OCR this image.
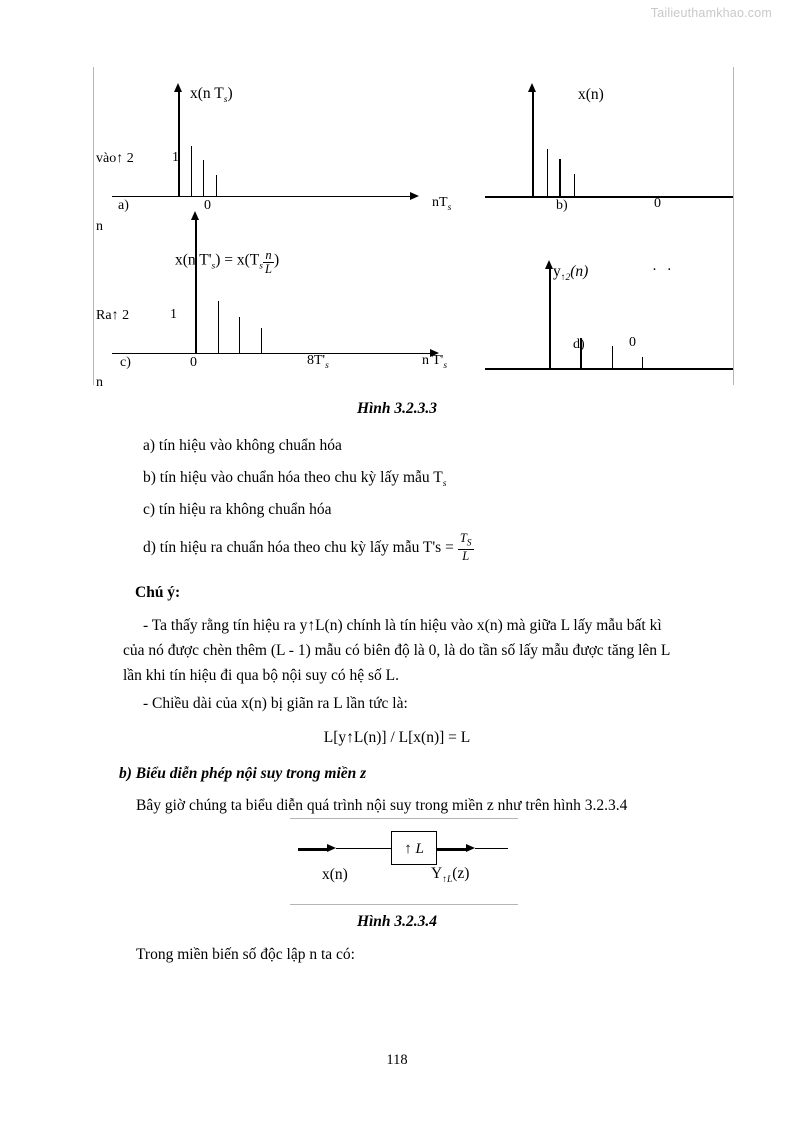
Tailieuthamkhao.com
x(n $T_s$)
vào↑ 2	1
a)	0
n
$nT_s$
x(n)
b)	0
x(n $T'_s) = x(T_s \frac{n}{L}$ )
Ra↑ 2	1
c)	0	$8T'_s$
n
n $T'_s$
$y_{↑2}(n)$	· ·
d)	0
Hình 3.2.3.3
a) tín hiệu vào không chuẩn hóa
b) tín hiệu vào chuẩn hóa theo chu kỳ lấy mẫu $T_s$
c) tín hiệu ra không chuẩn hóa
d) tín hiệu ra chuẩn hóa theo chu kỳ lấy mẫu $T's = \frac{T_S}{L}$
Chú ý:
- Ta thấy rằng tín hiệu ra y↑L(n) chính là tín hiệu vào x(n) mà giữa L lấy mẫu bất kì
của nó được chèn thêm (L - 1) mẫu có biên độ là 0, là do tần số lấy mẫu được tăng lên L
lần khi tín hiệu đi qua bộ nội suy có hệ số L.
- Chiều dài của x(n) bị giãn ra L lần tức là:
L[y↑L(n)] / L[x(n)] = L
b) Biểu diễn phép nội suy trong miền z
Bây giờ chúng ta biểu diễn quá trình nội suy trong miền z như trên hình 3.2.3.4
↑ L
x(n)	$Y_{↑L}(z)$
Hình 3.2.3.4
Trong miền biến số độc lập n ta có:
118
